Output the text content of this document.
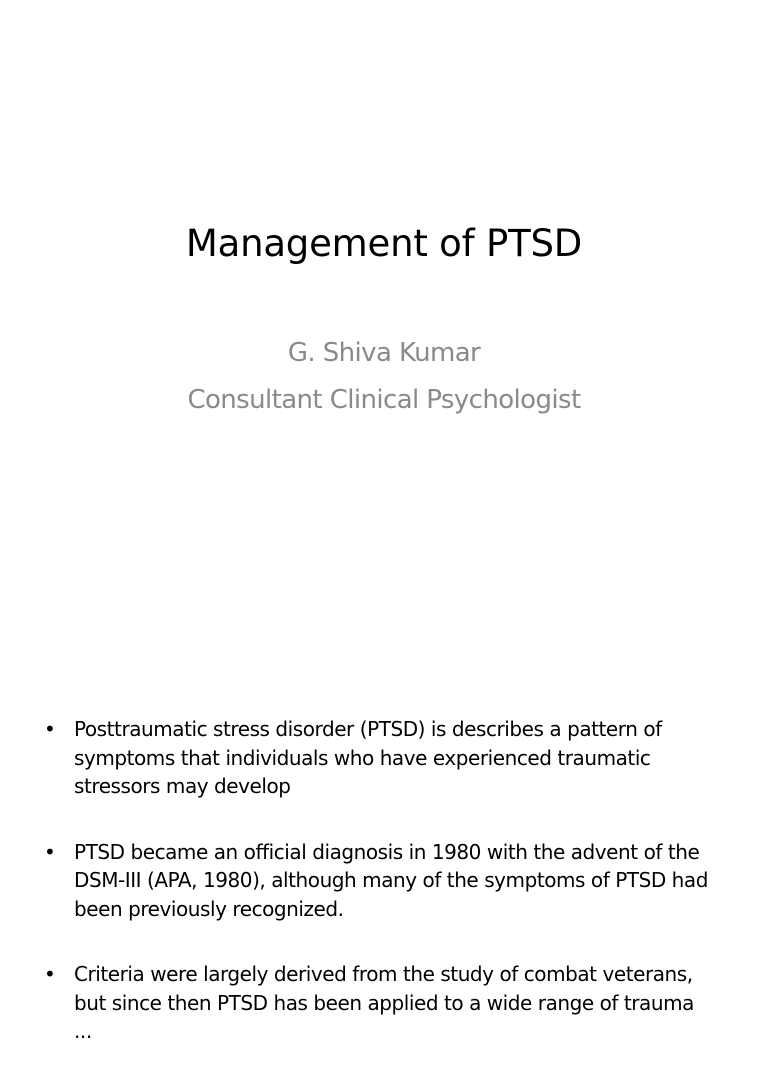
Management of PTSD
G. Shiva Kumar
Consultant Clinical Psychologist
• Posttraumatic stress disorder (PTSD) is describes a pattern of
symptoms that individuals who have experienced traumatic
stressors may develop
• PTSD became an official diagnosis in 1980 with the advent of the
DSM-III (APA, 1980), although many of the symptoms of PTSD had
been previously recognized.
• Criteria were largely derived from the study of combat veterans,
but since then PTSD has been applied to a wide range of trauma
...
